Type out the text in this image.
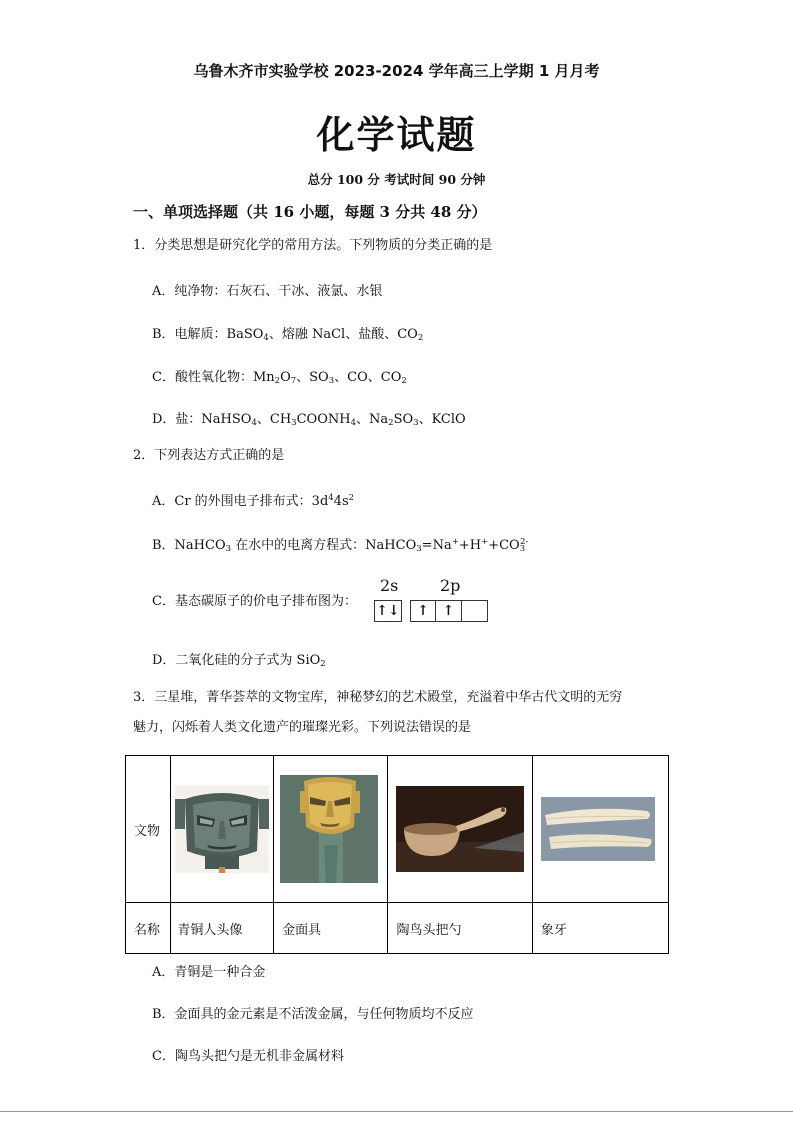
乌鲁木齐市实验学校 2023-2024 学年高三上学期 1 月月考
化学试题
总分 100 分 考试时间 90 分钟
一、单项选择题（共 16 小题，每题 3 分共 48 分）
1．分类思想是研究化学的常用方法。下列物质的分类正确的是
A．纯净物：石灰石、干冰、液氯、水银
B．电解质：BaSO$_4$、熔融 NaCl、盐酸、$CO_2$
C．酸性氧化物：$Mn_2O_7$、$SO_3$、CO、$CO_2$
D．盐：NaHSO$_4$、$CH_3COONH_4$、$Na_2SO_3$、KClO
2．下列表达方式正确的是
A．Cr 的外围电子排布式：$3d^44s^2$
B．NaHCO$_3$ 在水中的电离方程式：$NaHCO_3=Na^++H^++CO_3^{2-}$
C．基态碳原子的价电子排布图为：
2s	2p
↑↓	↑ ↑
D．二氧化硅的分子式为 SiO$_2$
3．三星堆，菁华荟萃的文物宝库，神秘梦幻的艺术殿堂，充溢着中华古代文明的无穷
魅力，闪烁着人类文化遗产的璀璨光彩。下列说法错误的是
文物	

名称	青铜人头像	金面具	陶鸟头把勺	象牙
A．青铜是一种合金
B．金面具的金元素是不活泼金属，与任何物质均不反应
C．陶鸟头把勺是无机非金属材料
